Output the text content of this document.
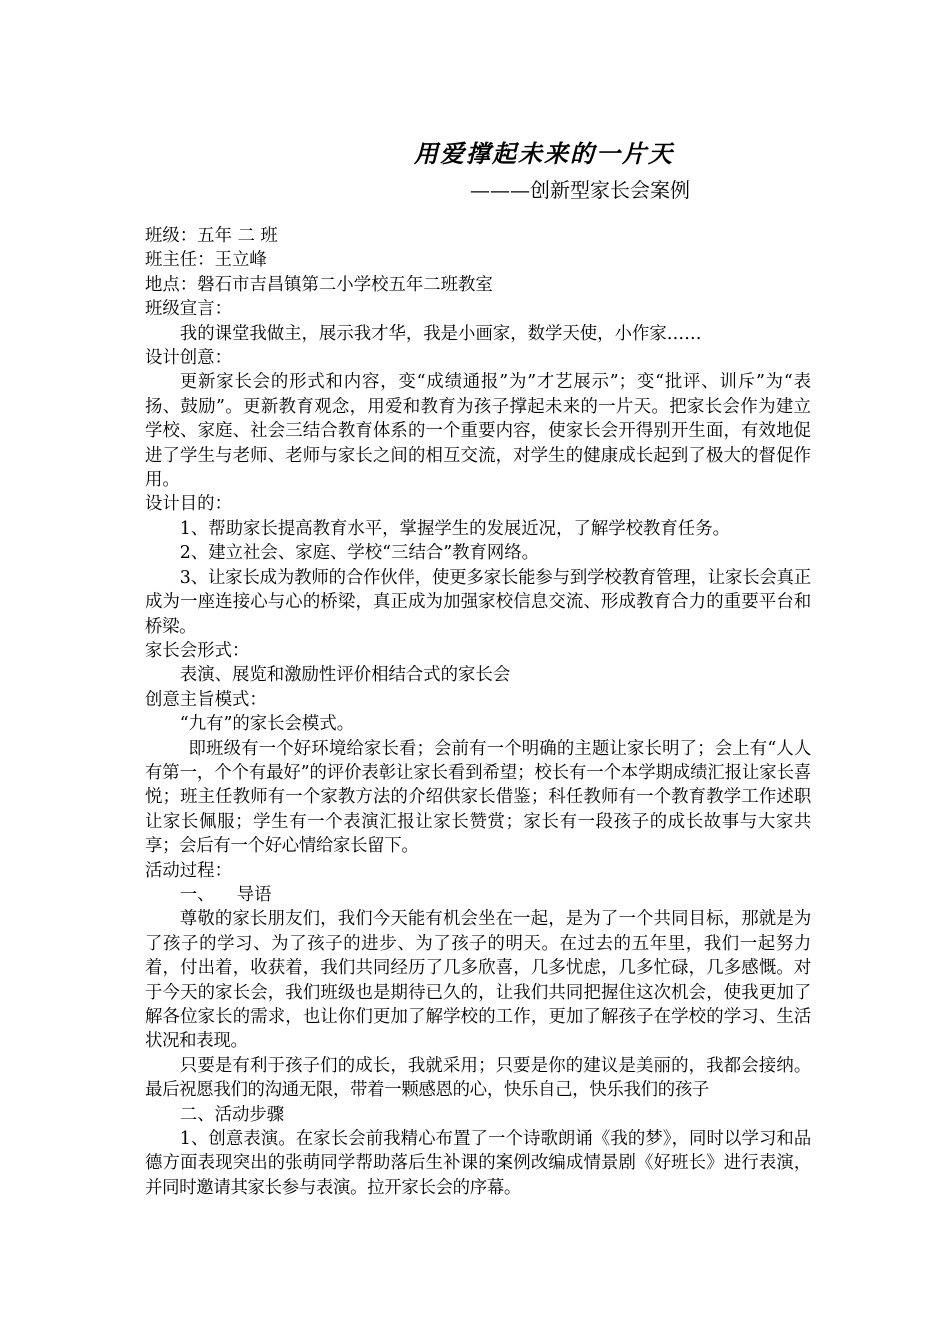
用爱撑起未来的一片天
———创新型家长会案例

班级：五年 二 班

班主任：王立峰

地点：磐石市吉昌镇第二小学校五年二班教室

班级宣言：

我的课堂我做主，展示我才华，我是小画家，数学天使，小作家……

设计创意：

更新家长会的形式和内容，变“成绩通报”为”才艺展示”；变“批评、训斥”为“表扬、鼓励”。更新教育观念，用爱和教育为孩子撑起未来的一片天。把家长会作为建立学校、家庭、社会三结合教育体系的一个重要内容，使家长会开得别开生面，有效地促进了学生与老师、老师与家长之间的相互交流，对学生的健康成长起到了极大的督促作用。

设计目的：

1、帮助家长提高教育水平，掌握学生的发展近况，了解学校教育任务。

2、建立社会、家庭、学校“三结合”教育网络。

3、让家长成为教师的合作伙伴，使更多家长能参与到学校教育管理，让家长会真正成为一座连接心与心的桥梁，真正成为加强家校信息交流、形成教育合力的重要平台和桥梁。

家长会形式：

表演、展览和激励性评价相结合式的家长会

创意主旨模式：

“九有”的家长会模式。

即班级有一个好环境给家长看；会前有一个明确的主题让家长明了；会上有“人人有第一，个个有最好”的评价表彰让家长看到希望；校长有一个本学期成绩汇报让家长喜悦；班主任教师有一个家教方法的介绍供家长借鉴；科任教师有一个教育教学工作述职让家长佩服；学生有一个表演汇报让家长赞赏；家长有一段孩子的成长故事与大家共享；会后有一个好心情给家长留下。

活动过程：

一、    导语

尊敬的家长朋友们，我们今天能有机会坐在一起，是为了一个共同目标，那就是为了孩子的学习、为了孩子的进步、为了孩子的明天。在过去的五年里，我们一起努力着，付出着，收获着，我们共同经历了几多欣喜，几多忧虑，几多忙碌，几多感慨。对于今天的家长会，我们班级也是期待已久的，让我们共同把握住这次机会，使我更加了解各位家长的需求，也让你们更加了解学校的工作，更加了解孩子在学校的学习、生活状况和表现。

只要是有利于孩子们的成长，我就采用；只要是你的建议是美丽的，我都会接纳。最后祝愿我们的沟通无限，带着一颗感恩的心，快乐自己，快乐我们的孩子

二、活动步骤

1、创意表演。在家长会前我精心布置了一个诗歌朗诵《我的梦》，同时以学习和品德方面表现突出的张萌同学帮助落后生补课的案例改编成情景剧《好班长》进行表演，并同时邀请其家长参与表演。拉开家长会的序幕。
